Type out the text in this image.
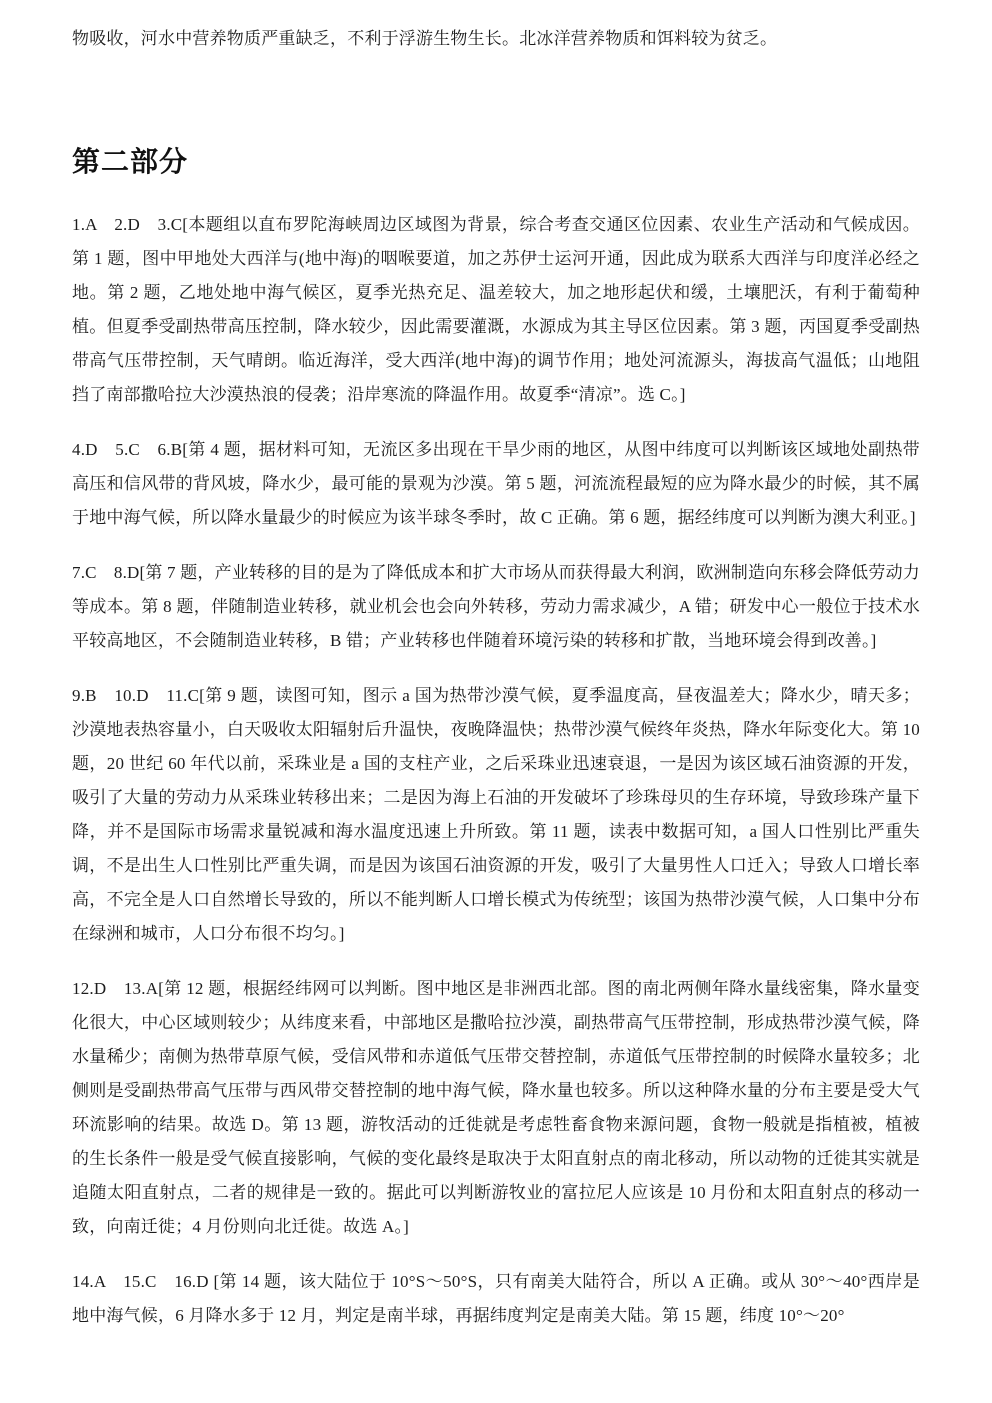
物吸收，河水中营养物质严重缺乏，不利于浮游生物生长。北冰洋营养物质和饵料较为贫乏。

第二部分

1.A　2.D　3.C[本题组以直布罗陀海峡周边区域图为背景，综合考查交通区位因素、农业生产活动和气候成因。第 1 题，图中甲地处大西洋与(地中海)的咽喉要道，加之苏伊士运河开通，因此成为联系大西洋与印度洋必经之地。第 2 题，乙地处地中海气候区，夏季光热充足、温差较大，加之地形起伏和缓，土壤肥沃，有利于葡萄种植。但夏季受副热带高压控制，降水较少，因此需要灌溉，水源成为其主导区位因素。第 3 题，丙国夏季受副热带高气压带控制，天气晴朗。临近海洋，受大西洋(地中海)的调节作用；地处河流源头，海拔高气温低；山地阻挡了南部撒哈拉大沙漠热浪的侵袭；沿岸寒流的降温作用。故夏季“清凉”。选 C。]

4.D　5.C　6.B[第 4 题，据材料可知，无流区多出现在干旱少雨的地区，从图中纬度可以判断该区域地处副热带高压和信风带的背风坡，降水少，最可能的景观为沙漠。第 5 题，河流流程最短的应为降水最少的时候，其不属于地中海气候，所以降水量最少的时候应为该半球冬季时，故 C 正确。第 6 题，据经纬度可以判断为澳大利亚。]

7.C　8.D[第 7 题，产业转移的目的是为了降低成本和扩大市场从而获得最大利润，欧洲制造向东移会降低劳动力等成本。第 8 题，伴随制造业转移，就业机会也会向外转移，劳动力需求减少，A 错；研发中心一般位于技术水平较高地区，不会随制造业转移，B 错；产业转移也伴随着环境污染的转移和扩散，当地环境会得到改善。]

9.B　10.D　11.C[第 9 题，读图可知，图示 a 国为热带沙漠气候，夏季温度高，昼夜温差大；降水少，晴天多；沙漠地表热容量小，白天吸收太阳辐射后升温快，夜晚降温快；热带沙漠气候终年炎热，降水年际变化大。第 10 题，20 世纪 60 年代以前，采珠业是 a 国的支柱产业，之后采珠业迅速衰退，一是因为该区域石油资源的开发，吸引了大量的劳动力从采珠业转移出来；二是因为海上石油的开发破坏了珍珠母贝的生存环境，导致珍珠产量下降，并不是国际市场需求量锐减和海水温度迅速上升所致。第 11 题，读表中数据可知，a 国人口性别比严重失调，不是出生人口性别比严重失调，而是因为该国石油资源的开发，吸引了大量男性人口迁入；导致人口增长率高，不完全是人口自然增长导致的，所以不能判断人口增长模式为传统型；该国为热带沙漠气候，人口集中分布在绿洲和城市，人口分布很不均匀。]

12.D　13.A[第 12 题，根据经纬网可以判断。图中地区是非洲西北部。图的南北两侧年降水量线密集，降水量变化很大，中心区域则较少；从纬度来看，中部地区是撒哈拉沙漠，副热带高气压带控制，形成热带沙漠气候，降水量稀少；南侧为热带草原气候，受信风带和赤道低气压带交替控制，赤道低气压带控制的时候降水量较多；北侧则是受副热带高气压带与西风带交替控制的地中海气候，降水量也较多。所以这种降水量的分布主要是受大气环流影响的结果。故选 D。第 13 题，游牧活动的迁徙就是考虑牲畜食物来源问题，食物一般就是指植被，植被的生长条件一般是受气候直接影响，气候的变化最终是取决于太阳直射点的南北移动，所以动物的迁徙其实就是追随太阳直射点，二者的规律是一致的。据此可以判断游牧业的富拉尼人应该是 10 月份和太阳直射点的移动一致，向南迁徙；4 月份则向北迁徙。故选 A。]

14.A　15.C　16.D [第 14 题，该大陆位于 10°S～50°S，只有南美大陆符合，所以 A 正确。或从 30°～40°西岸是地中海气候，6 月降水多于 12 月，判定是南半球，再据纬度判定是南美大陆。第 15 题，纬度 10°～20°
